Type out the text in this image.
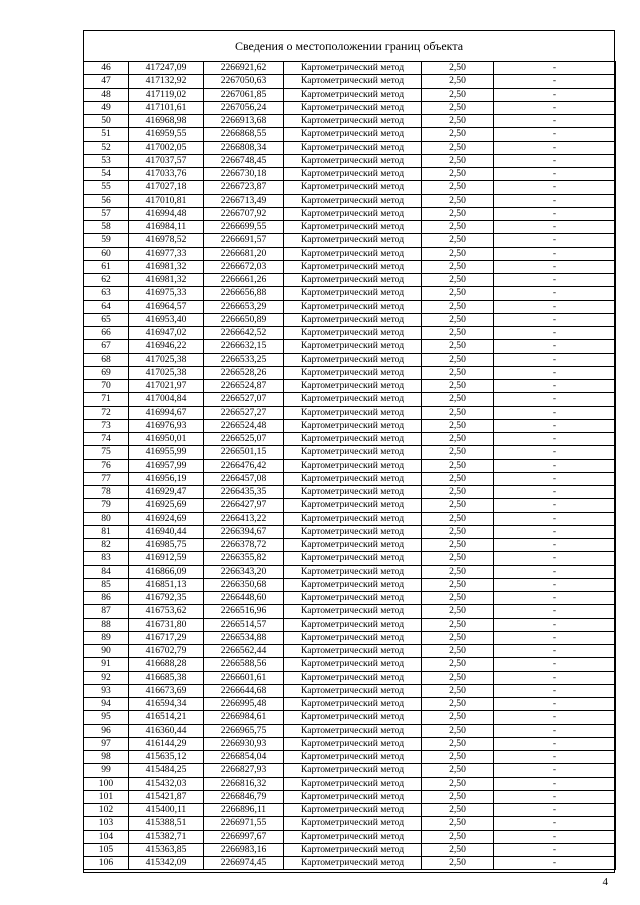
Сведения о местоположении границ объекта
46	417247,09	2266921,62	Картометрический метод	2,50	-
47	417132,92	2267050,63	Картометрический метод	2,50	-
48	417119,02	2267061,85	Картометрический метод	2,50	-
49	417101,61	2267056,24	Картометрический метод	2,50	-
50	416968,98	2266913,68	Картометрический метод	2,50	-
51	416959,55	2266868,55	Картометрический метод	2,50	-
52	417002,05	2266808,34	Картометрический метод	2,50	-
53	417037,57	2266748,45	Картометрический метод	2,50	-
54	417033,76	2266730,18	Картометрический метод	2,50	-
55	417027,18	2266723,87	Картометрический метод	2,50	-
56	417010,81	2266713,49	Картометрический метод	2,50	-
57	416994,48	2266707,92	Картометрический метод	2,50	-
58	416984,11	2266699,55	Картометрический метод	2,50	-
59	416978,52	2266691,57	Картометрический метод	2,50	-
60	416977,33	2266681,20	Картометрический метод	2,50	-
61	416981,32	2266672,03	Картометрический метод	2,50	-
62	416981,32	2266661,26	Картометрический метод	2,50	-
63	416975,33	2266656,88	Картометрический метод	2,50	-
64	416964,57	2266653,29	Картометрический метод	2,50	-
65	416953,40	2266650,89	Картометрический метод	2,50	-
66	416947,02	2266642,52	Картометрический метод	2,50	-
67	416946,22	2266632,15	Картометрический метод	2,50	-
68	417025,38	2266533,25	Картометрический метод	2,50	-
69	417025,38	2266528,26	Картометрический метод	2,50	-
70	417021,97	2266524,87	Картометрический метод	2,50	-
71	417004,84	2266527,07	Картометрический метод	2,50	-
72	416994,67	2266527,27	Картометрический метод	2,50	-
73	416976,93	2266524,48	Картометрический метод	2,50	-
74	416950,01	2266525,07	Картометрический метод	2,50	-
75	416955,99	2266501,15	Картометрический метод	2,50	-
76	416957,99	2266476,42	Картометрический метод	2,50	-
77	416956,19	2266457,08	Картометрический метод	2,50	-
78	416929,47	2266435,35	Картометрический метод	2,50	-
79	416925,69	2266427,97	Картометрический метод	2,50	-
80	416924,69	2266413,22	Картометрический метод	2,50	-
81	416940,44	2266394,67	Картометрический метод	2,50	-
82	416985,75	2266378,72	Картометрический метод	2,50	-
83	416912,59	2266355,82	Картометрический метод	2,50	-
84	416866,09	2266343,20	Картометрический метод	2,50	-
85	416851,13	2266350,68	Картометрический метод	2,50	-
86	416792,35	2266448,60	Картометрический метод	2,50	-
87	416753,62	2266516,96	Картометрический метод	2,50	-
88	416731,80	2266514,57	Картометрический метод	2,50	-
89	416717,29	2266534,88	Картометрический метод	2,50	-
90	416702,79	2266562,44	Картометрический метод	2,50	-
91	416688,28	2266588,56	Картометрический метод	2,50	-
92	416685,38	2266601,61	Картометрический метод	2,50	-
93	416673,69	2266644,68	Картометрический метод	2,50	-
94	416594,34	2266995,48	Картометрический метод	2,50	-
95	416514,21	2266984,61	Картометрический метод	2,50	-
96	416360,44	2266965,75	Картометрический метод	2,50	-
97	416144,29	2266930,93	Картометрический метод	2,50	-
98	415635,12	2266854,04	Картометрический метод	2,50	-
99	415484,25	2266827,93	Картометрический метод	2,50	-
100	415432,03	2266816,32	Картометрический метод	2,50	-
101	415421,87	2266846,79	Картометрический метод	2,50	-
102	415400,11	2266896,11	Картометрический метод	2,50	-
103	415388,51	2266971,55	Картометрический метод	2,50	-
104	415382,71	2266997,67	Картометрический метод	2,50	-
105	415363,85	2266983,16	Картометрический метод	2,50	-
106	415342,09	2266974,45	Картометрический метод	2,50	-
4
